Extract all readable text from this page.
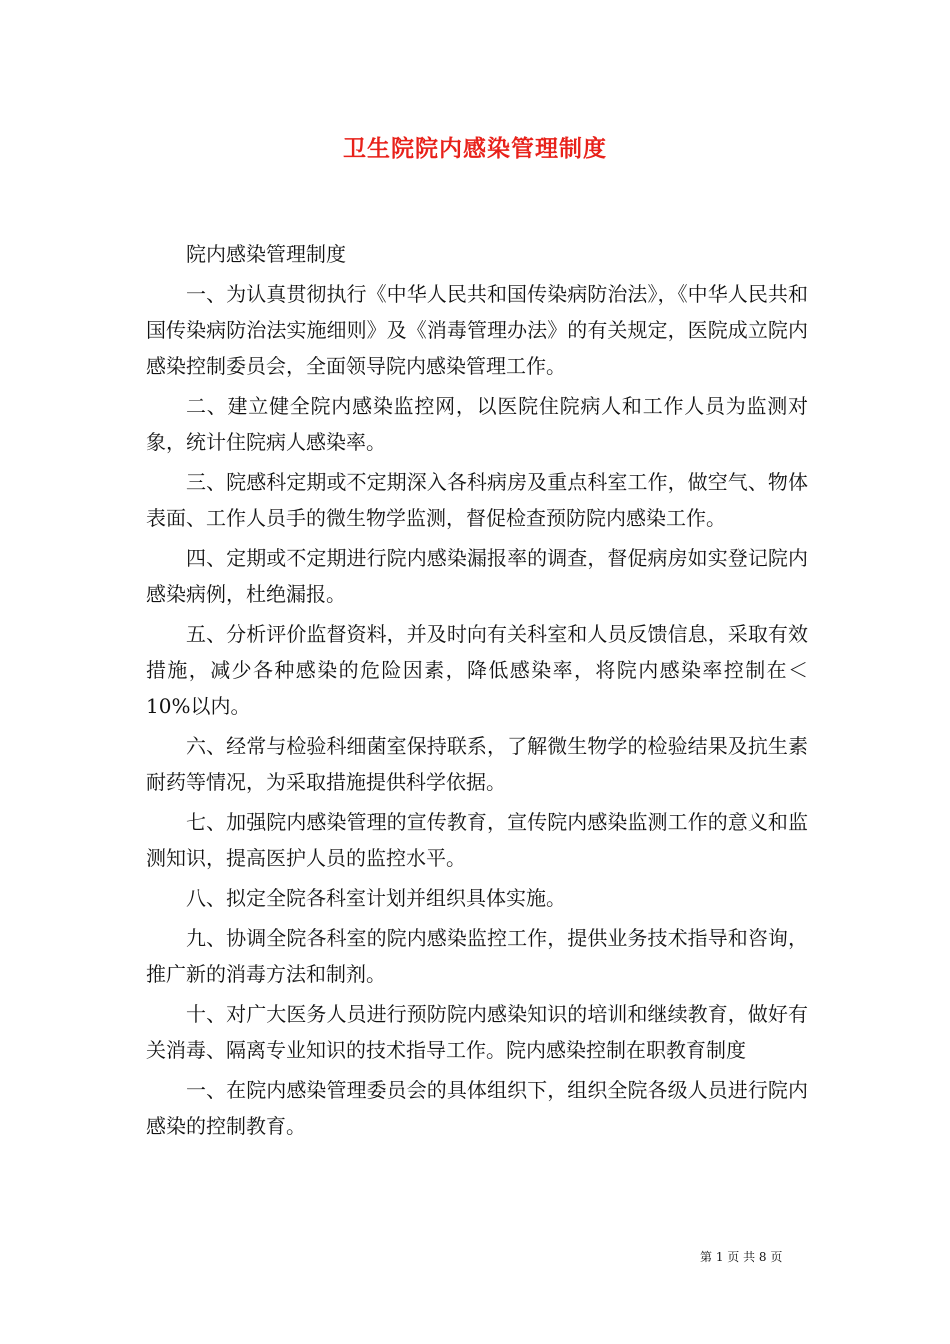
卫生院院内感染管理制度

院内感染管理制度

一、为认真贯彻执行《中华人民共和国传染病防治法》，《中华人民共和国传染病防治法实施细则》及《消毒管理办法》的有关规定，医院成立院内感染控制委员会，全面领导院内感染管理工作。

二、建立健全院内感染监控网，以医院住院病人和工作人员为监测对象，统计住院病人感染率。

三、院感科定期或不定期深入各科病房及重点科室工作，做空气、物体表面、工作人员手的微生物学监测，督促检查预防院内感染工作。

四、定期或不定期进行院内感染漏报率的调查，督促病房如实登记院内感染病例，杜绝漏报。

五、分析评价监督资料，并及时向有关科室和人员反馈信息，采取有效措施，减少各种感染的危险因素，降低感染率，将院内感染率控制在＜10%以内。

六、经常与检验科细菌室保持联系，了解微生物学的检验结果及抗生素耐药等情况，为采取措施提供科学依据。

七、加强院内感染管理的宣传教育，宣传院内感染监测工作的意义和监测知识，提高医护人员的监控水平。

八、拟定全院各科室计划并组织具体实施。

九、协调全院各科室的院内感染监控工作，提供业务技术指导和咨询，推广新的消毒方法和制剂。

十、对广大医务人员进行预防院内感染知识的培训和继续教育，做好有关消毒、隔离专业知识的技术指导工作。院内感染控制在职教育制度

一、在院内感染管理委员会的具体组织下，组织全院各级人员进行院内感染的控制教育。

第 1 页 共 8 页
